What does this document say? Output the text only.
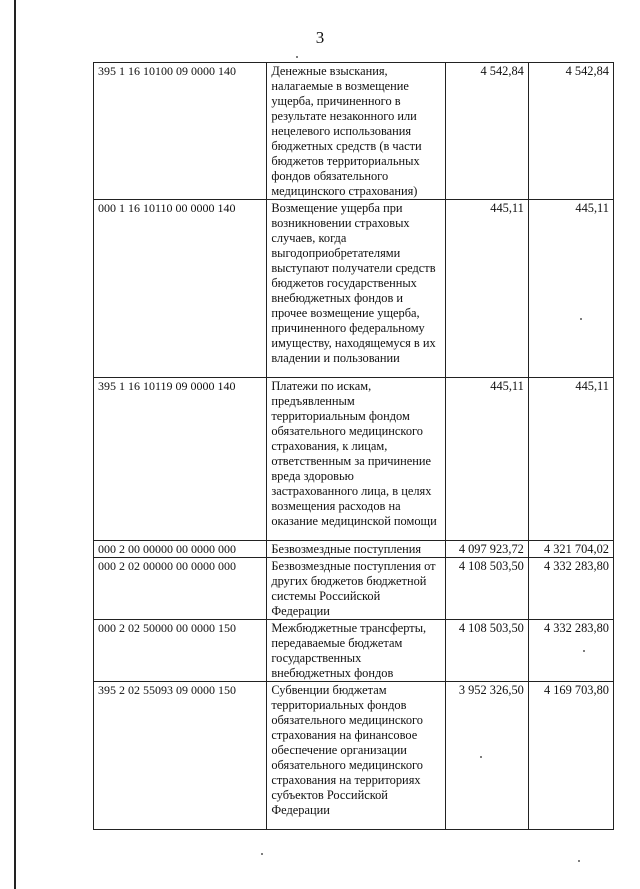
3
395 1 16 10100 09 0000 140	Денежные взыскания, налагаемые в возмещение ущерба, причиненного в результате незаконного или нецелевого использования бюджетных средств (в части бюджетов территориальных фондов обязательного медицинского страхования)	4 542,84	4 542,84
000 1 16 10110 00 0000 140	Возмещение ущерба при возникновении страховых случаев, когда выгодоприобретателями выступают получатели средств бюджетов государственных внебюджетных фондов и прочее возмещение ущерба, причиненного федеральному имуществу, находящемуся в их владении и пользовании	445,11	445,11
395 1 16 10119 09 0000 140	Платежи по искам, предъявленным территориальным фондом обязательного медицинского страхования, к лицам, ответственным за причинение вреда здоровью застрахованного лица, в целях возмещения расходов на оказание медицинской помощи	445,11	445,11
000 2 00 00000 00 0000 000	Безвозмездные поступления	4 097 923,72	4 321 704,02
000 2 02 00000 00 0000 000	Безвозмездные поступления от других бюджетов бюджетной системы Российской Федерации	4 108 503,50	4 332 283,80
000 2 02 50000 00 0000 150	Межбюджетные трансферты, передаваемые бюджетам государственных внебюджетных фондов	4 108 503,50	4 332 283,80
395 2 02 55093 09 0000 150	Субвенции бюджетам территориальных фондов обязательного медицинского страхования на финансовое обеспечение организации обязательного медицинского страхования на территориях субъектов Российской Федерации	3 952 326,50	4 169 703,80
